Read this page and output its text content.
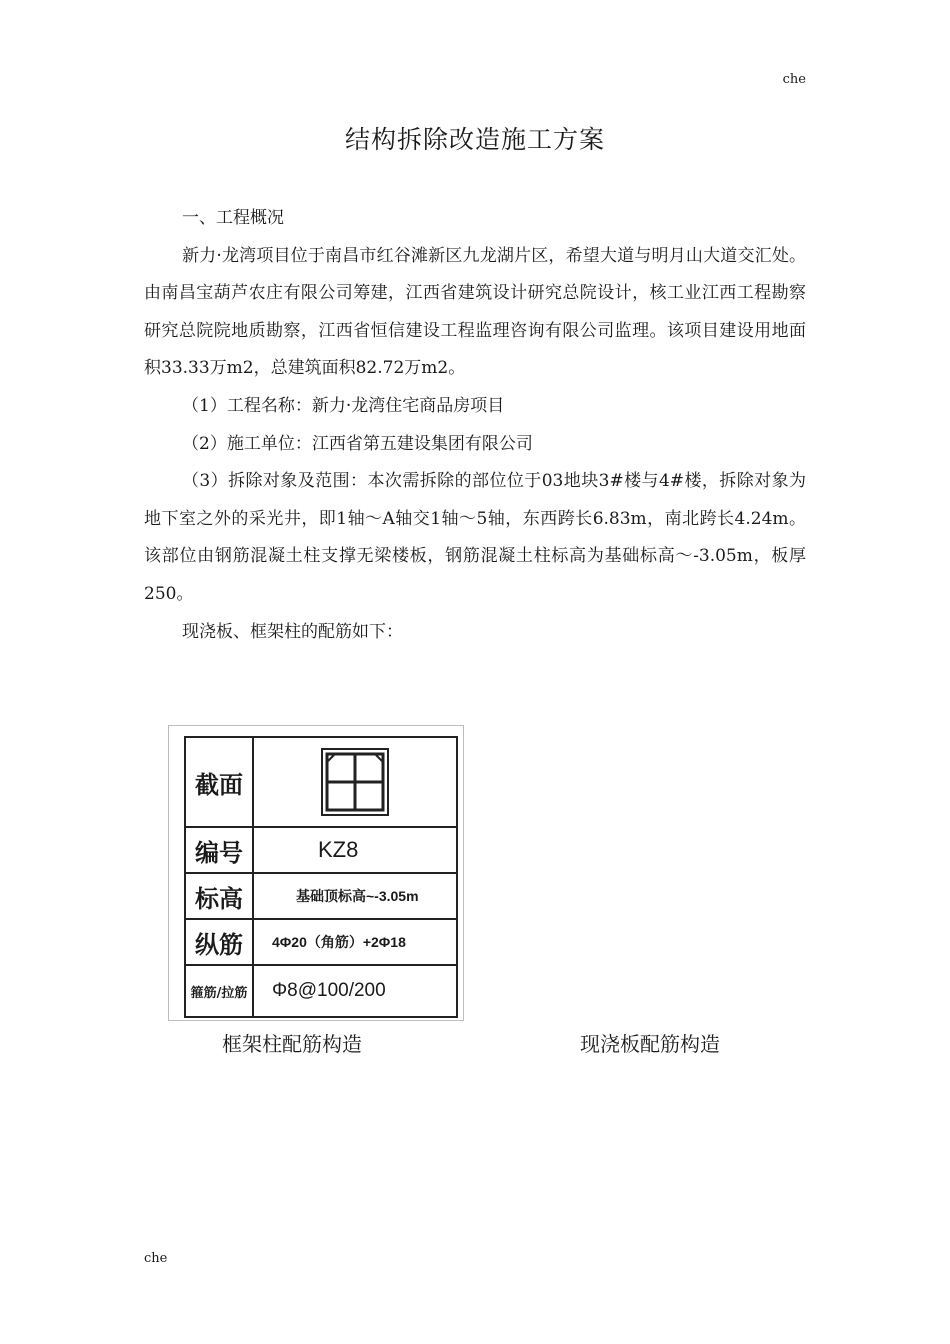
che
结构拆除改造施工方案

一、工程概况

新力·龙湾项目位于南昌市红谷滩新区九龙湖片区，希望大道与明月山大道交汇处。由南昌宝葫芦农庄有限公司筹建，江西省建筑设计研究总院设计，核工业江西工程勘察研究总院院地质勘察，江西省恒信建设工程监理咨询有限公司监理。该项目建设用地面积33.33万m2，总建筑面积82.72万m2。

（1）工程名称：新力·龙湾住宅商品房项目

（2）施工单位：江西省第五建设集团有限公司

（3）拆除对象及范围：本次需拆除的部位位于03地块3#楼与4#楼，拆除对象为地下室之外的采光井，即1轴～A轴交1轴～5轴，东西跨长6.83m，南北跨长4.24m。该部位由钢筋混凝土柱支撑无梁楼板，钢筋混凝土柱标高为基础标高～-3.05m，板厚250。

现浇板、框架柱的配筋如下：

截面	

编号	KZ8
标高	基础顶标高~-3.05m
纵筋	4Φ20（角筋）+2Φ18
箍筋/拉筋	Φ8@100/200
框架柱配筋构造	现浇板配筋构造
che
